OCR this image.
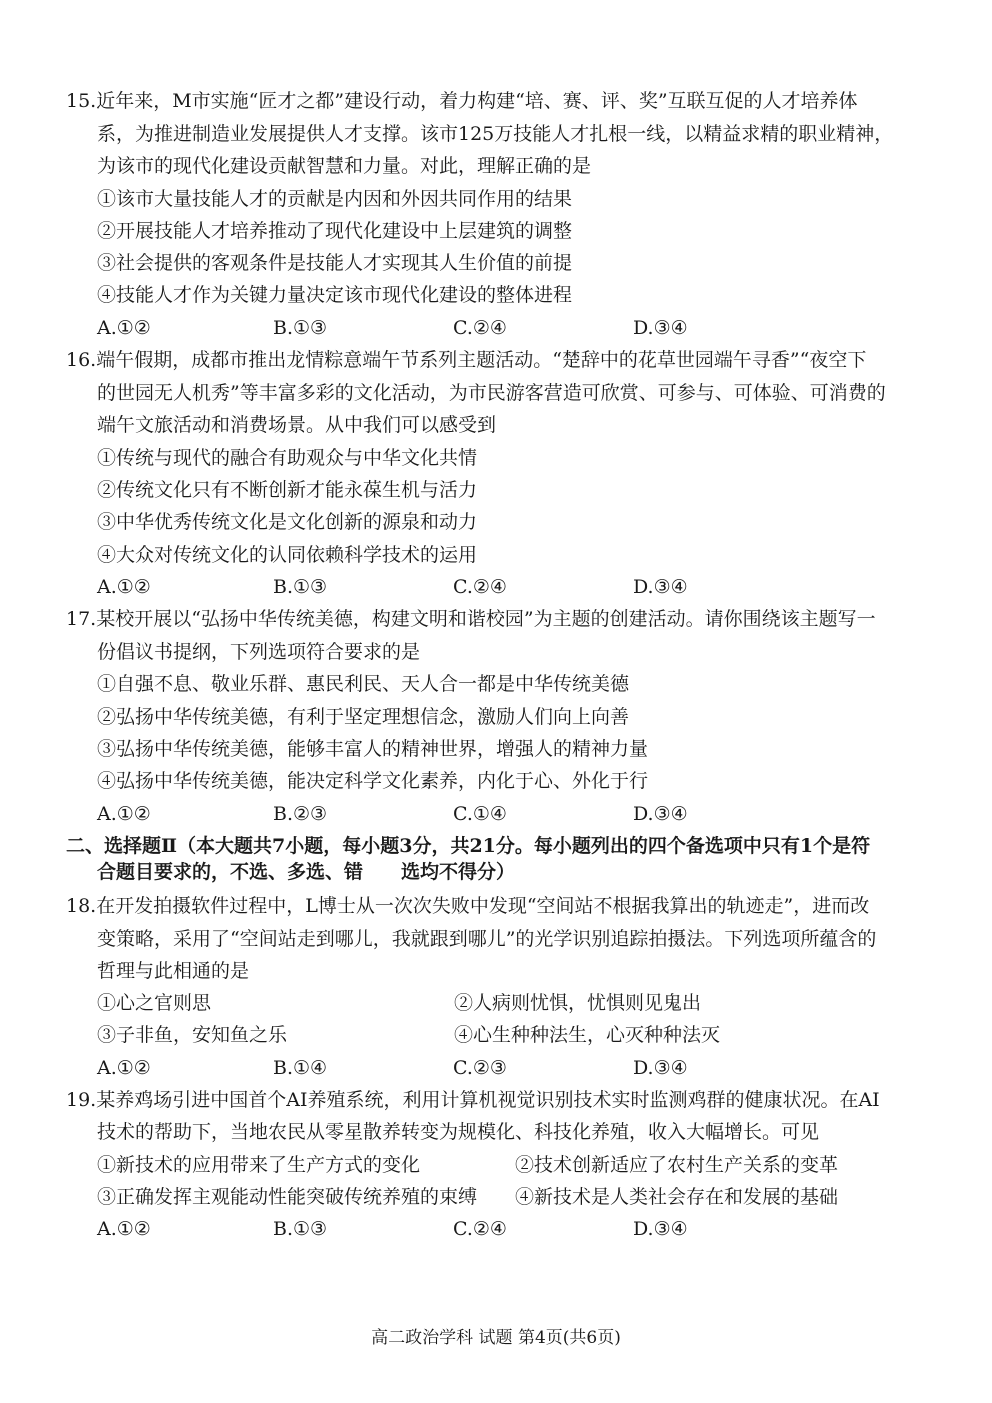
15.近年来，M市实施“匠才之都”建设行动，着力构建“培、赛、评、奖”互联互促的人才培养体
系，为推进制造业发展提供人才支撑。该市125万技能人才扎根一线，以精益求精的职业精神，
为该市的现代化建设贡献智慧和力量。对此，理解正确的是
①该市大量技能人才的贡献是内因和外因共同作用的结果
②开展技能人才培养推动了现代化建设中上层建筑的调整
③社会提供的客观条件是技能人才实现其人生价值的前提
④技能人才作为关键力量决定该市现代化建设的整体进程
A.①②	B.①③	C.②④	D.③④
16.端午假期，成都市推出龙情粽意端午节系列主题活动。“楚辞中的花草世园端午寻香”“夜空下
的世园无人机秀”等丰富多彩的文化活动，为市民游客营造可欣赏、可参与、可体验、可消费的
端午文旅活动和消费场景。从中我们可以感受到
①传统与现代的融合有助观众与中华文化共情
②传统文化只有不断创新才能永葆生机与活力
③中华优秀传统文化是文化创新的源泉和动力
④大众对传统文化的认同依赖科学技术的运用
A.①②	B.①③	C.②④	D.③④
17.某校开展以“弘扬中华传统美德，构建文明和谐校园”为主题的创建活动。请你围绕该主题写一
份倡议书提纲，下列选项符合要求的是
①自强不息、敬业乐群、惠民利民、天人合一都是中华传统美德
②弘扬中华传统美德，有利于坚定理想信念，激励人们向上向善
③弘扬中华传统美德，能够丰富人的精神世界，增强人的精神力量
④弘扬中华传统美德，能决定科学文化素养，内化于心、外化于行
A.①②	B.②③	C.①④	D.③④
二、选择题Ⅱ（本大题共7小题，每小题3分，共21分。每小题列出的四个备选项中只有1个是符
合题目要求的，不选、多选、错　　选均不得分）
18.在开发拍摄软件过程中，L博士从一次次失败中发现“空间站不根据我算出的轨迹走”，进而改
变策略，采用了“空间站走到哪儿，我就跟到哪儿”的光学识别追踪拍摄法。下列选项所蕴含的
哲理与此相通的是
①心之官则思	②人病则忧惧，忧惧则见鬼出
③子非鱼，安知鱼之乐	④心生种种法生，心灭种种法灭
A.①②	B.①④	C.②③	D.③④
19.某养鸡场引进中国首个AI养殖系统，利用计算机视觉识别技术实时监测鸡群的健康状况。在AI
技术的帮助下，当地农民从零星散养转变为规模化、科技化养殖，收入大幅增长。可见
①新技术的应用带来了生产方式的变化	②技术创新适应了农村生产关系的变革
③正确发挥主观能动性能突破传统养殖的束缚 ④新技术是人类社会存在和发展的基础
A.①②	B.①③	C.②④	D.③④
高二政治学科 试题 第4页(共6页)
